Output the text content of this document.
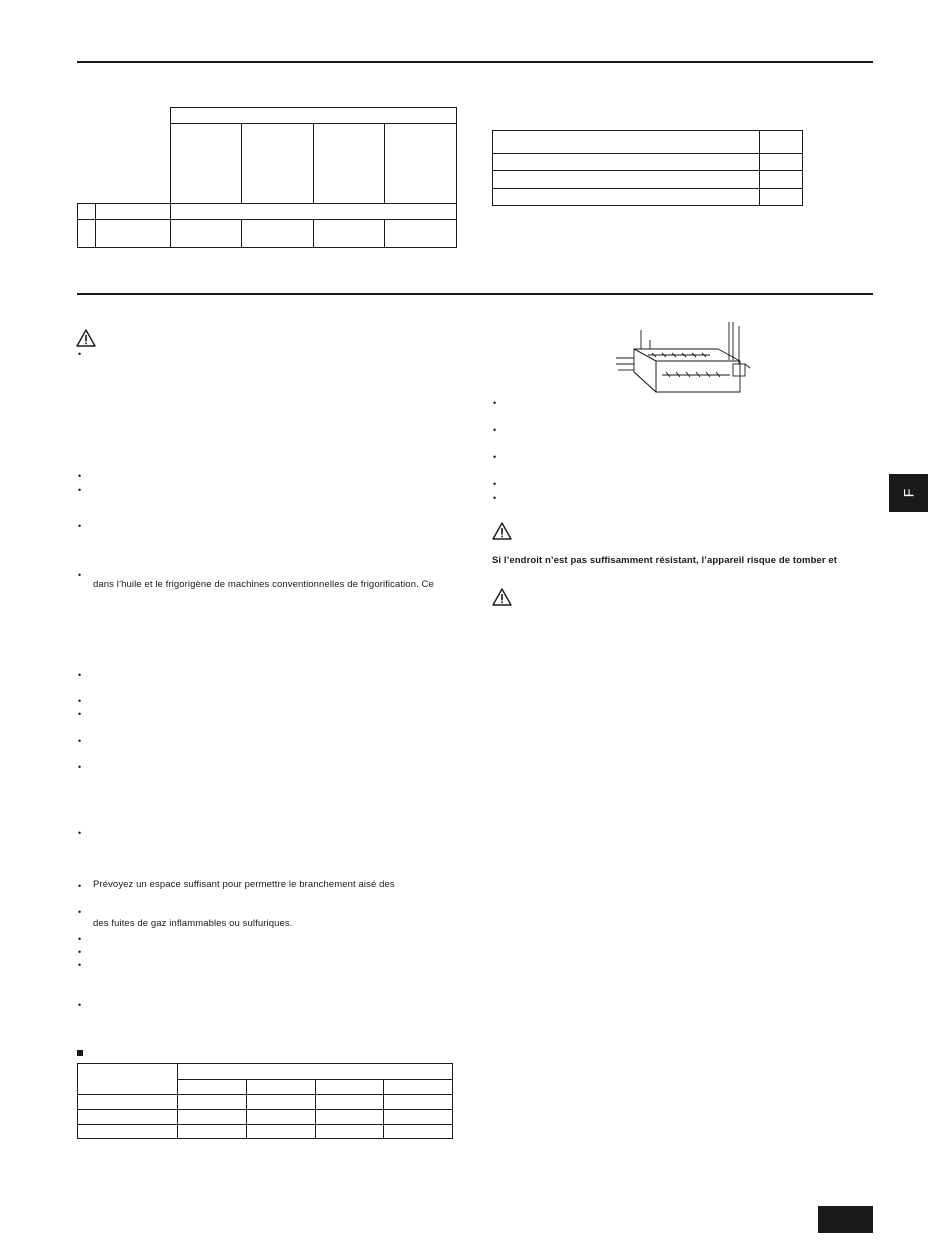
•
•
•
•
•
dans l’huile et le frigorigène de machines conventionnelles de frigorification. Ce
•
•
•
•
•
•
• Prévoyez un espace suffisant pour permettre le branchement aisé des
•
des fuites de gaz inflammables ou sulfuriques.
•
•
•
•
•
•
•
•
•
Si l’endroit n’est pas suffisamment résistant, l’appareil risque de tomber et
F
